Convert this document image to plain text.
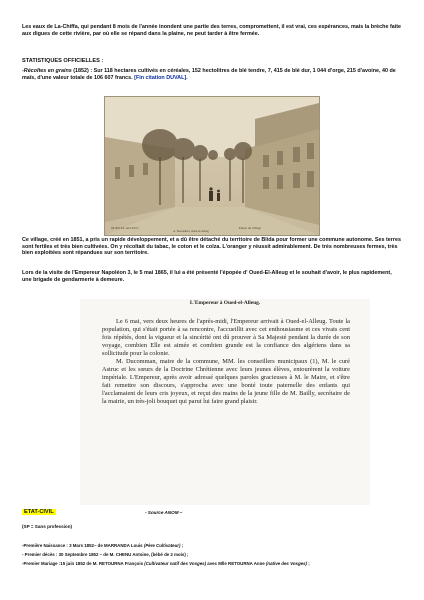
Les eaux de La-Chiffa, qui pendant 8 mois de l'année inondent une partie des terres, compromettent, il est vrai, ces espérances, mais la brèche faite aux digues de cette rivière, par où elle se répand dans la plaine, ne peut tarder à être fermée.

STATISTIQUES OFFICIELLES :

-Récoltes en grains (1852) : Sur 118 hectares cultivés en céréales, 152 hectolitres de blé tendre, 7, 415 de blé dur, 1 044 d'orge, 215 d'avoine, 40 de maïs, d'une valeur totale de 106 607 francs. [Fin citation DUVAL].

OUED-EL-ALLEUG
A. Tessonniere, Oued-el-Alleug
Entrée du Village

Ce village, créé en 1851, a pris un rapide développement, et a dû être détaché du territoire de Blida pour former une commune autonome. Ses terres sont fertiles et très bien cultivées. On y récoltait du tabac, le coton et le colza. L'oranger y réussit admirablement. De très nombreuses fermes, très bien exploitées sont répandues sur son territoire.

Lors de la visite de l'Empereur Napoléon 3, le 5 mai 1865, il lui a été présenté l'épopée d' Oued-El-Alleug et le souhait d'avoir, le plus rapidement, une brigade de gendarmerie à demeure.

L'Empereur à Oued-el-Alleug.
Le 6 mai, vers deux heures de l'après-midi, l'Empereur arrivait à Oued-el-Alleug. Toute la population, qui s'était portée à sa rencontre, l'accueillit avec cet enthousiasme et ces vivats cent fois répétés, dont la vigueur et la sincérité ont dû prouver à Sa Majesté pendant la durée de son voyage, combien Elle est aimée et combien grande est la confiance des algériens dans sa sollicitude pour la colonie.
M. Ducomman, maire de la commune, MM. les conseillers municipaux (1), M. le curé Astruc et les sœurs de la Doctrine Chrétienne avec leurs jeunes élèves, entourèrent la voiture impériale. L'Empereur, après avoir adressé quelques paroles gracieuses à M. le Maire, et s'être fait remettre son discours, s'approcha avec une bonté toute paternelle des enfants qui l'acclamaient de leurs cris joyeux, et reçut des mains de la jeune fille de M. Bailly, secrétaire de la mairie, un très-joli bouquet qui parut lui faire grand plaisir.
ETAT-CIVIL	- Source ANOM –
(SP = Sans profession)
-Première Naissance : 3 Mars 1852– de MARRANDA Louis (Père Cultivateur) ;
- Premier décès : 30 Septembre 1852 – de M. CHENU Antoine, (bébé de 2 mois) ;
-Premier Mariage :15 juin 1852 de M. RETOURNA François (Cultivateur natif des Vosges) avec Mlle RETOURNA Anne (native des Vosges) ;
